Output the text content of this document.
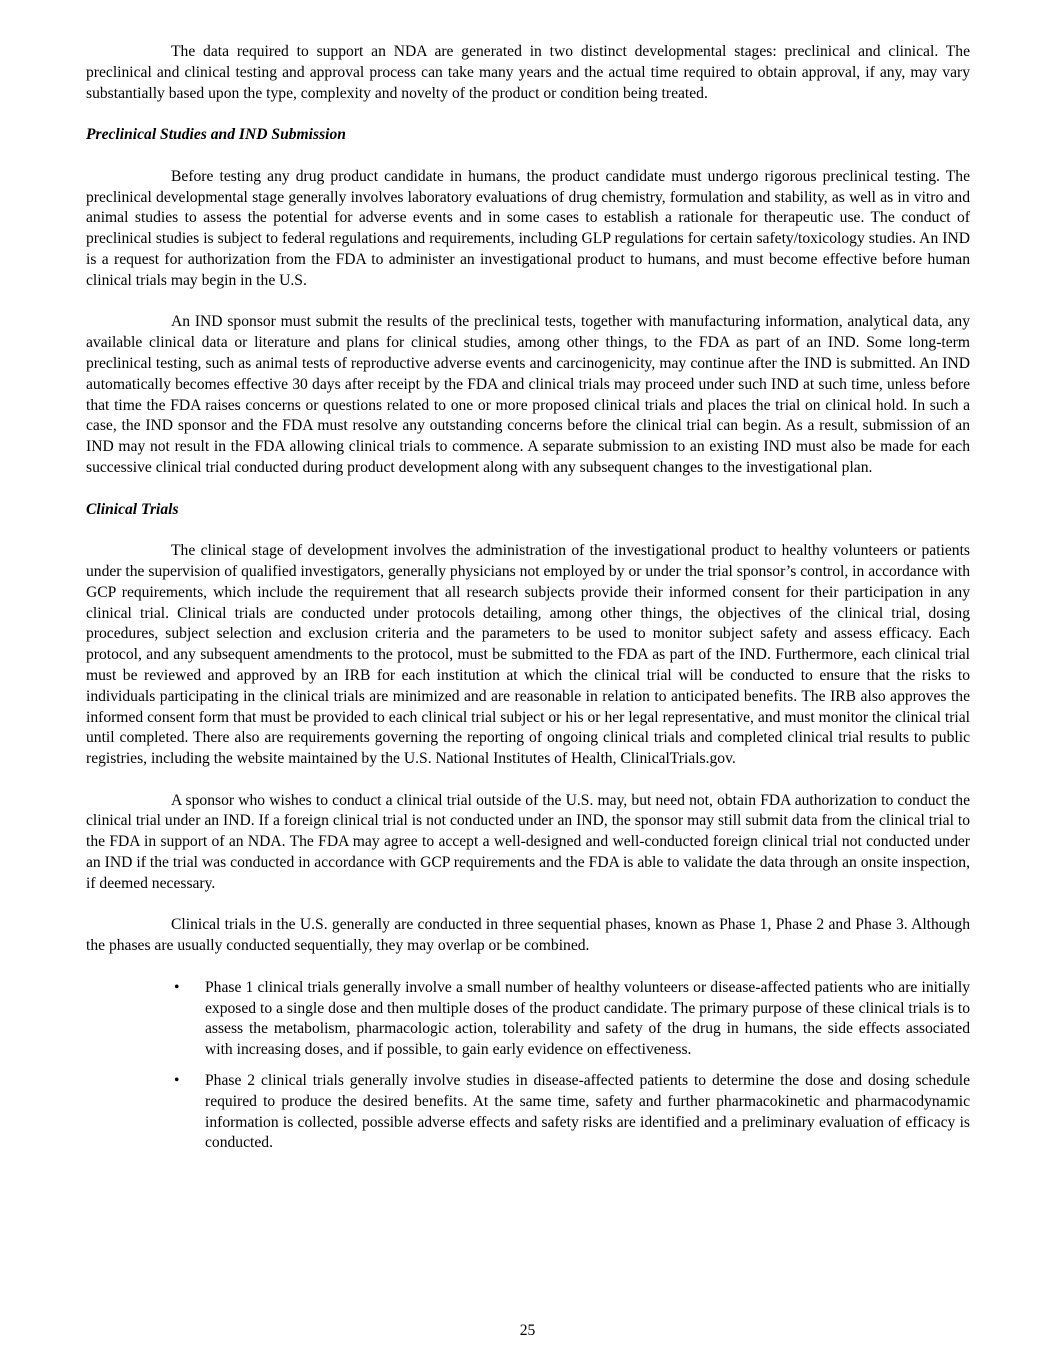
The data required to support an NDA are generated in two distinct developmental stages: preclinical and clinical. The preclinical and clinical testing and approval process can take many years and the actual time required to obtain approval, if any, may vary substantially based upon the type, complexity and novelty of the product or condition being treated.

Preclinical Studies and IND Submission

Before testing any drug product candidate in humans, the product candidate must undergo rigorous preclinical testing. The preclinical developmental stage generally involves laboratory evaluations of drug chemistry, formulation and stability, as well as in vitro and animal studies to assess the potential for adverse events and in some cases to establish a rationale for therapeutic use. The conduct of preclinical studies is subject to federal regulations and requirements, including GLP regulations for certain safety/toxicology studies. An IND is a request for authorization from the FDA to administer an investigational product to humans, and must become effective before human clinical trials may begin in the U.S.

An IND sponsor must submit the results of the preclinical tests, together with manufacturing information, analytical data, any available clinical data or literature and plans for clinical studies, among other things, to the FDA as part of an IND. Some long-term preclinical testing, such as animal tests of reproductive adverse events and carcinogenicity, may continue after the IND is submitted. An IND automatically becomes effective 30 days after receipt by the FDA and clinical trials may proceed under such IND at such time, unless before that time the FDA raises concerns or questions related to one or more proposed clinical trials and places the trial on clinical hold. In such a case, the IND sponsor and the FDA must resolve any outstanding concerns before the clinical trial can begin. As a result, submission of an IND may not result in the FDA allowing clinical trials to commence. A separate submission to an existing IND must also be made for each successive clinical trial conducted during product development along with any subsequent changes to the investigational plan.

Clinical Trials

The clinical stage of development involves the administration of the investigational product to healthy volunteers or patients under the supervision of qualified investigators, generally physicians not employed by or under the trial sponsor’s control, in accordance with GCP requirements, which include the requirement that all research subjects provide their informed consent for their participation in any clinical trial. Clinical trials are conducted under protocols detailing, among other things, the objectives of the clinical trial, dosing procedures, subject selection and exclusion criteria and the parameters to be used to monitor subject safety and assess efficacy. Each protocol, and any subsequent amendments to the protocol, must be submitted to the FDA as part of the IND. Furthermore, each clinical trial must be reviewed and approved by an IRB for each institution at which the clinical trial will be conducted to ensure that the risks to individuals participating in the clinical trials are minimized and are reasonable in relation to anticipated benefits. The IRB also approves the informed consent form that must be provided to each clinical trial subject or his or her legal representative, and must monitor the clinical trial until completed. There also are requirements governing the reporting of ongoing clinical trials and completed clinical trial results to public registries, including the website maintained by the U.S. National Institutes of Health, ClinicalTrials.gov.

A sponsor who wishes to conduct a clinical trial outside of the U.S. may, but need not, obtain FDA authorization to conduct the clinical trial under an IND. If a foreign clinical trial is not conducted under an IND, the sponsor may still submit data from the clinical trial to the FDA in support of an NDA. The FDA may agree to accept a well-designed and well-conducted foreign clinical trial not conducted under an IND if the trial was conducted in accordance with GCP requirements and the FDA is able to validate the data through an onsite inspection, if deemed necessary.

Clinical trials in the U.S. generally are conducted in three sequential phases, known as Phase 1, Phase 2 and Phase 3. Although the phases are usually conducted sequentially, they may overlap or be combined.

• Phase 1 clinical trials generally involve a small number of healthy volunteers or disease-affected patients who are initially exposed to a single dose and then multiple doses of the product candidate. The primary purpose of these clinical trials is to assess the metabolism, pharmacologic action, tolerability and safety of the drug in humans, the side effects associated with increasing doses, and if possible, to gain early evidence on effectiveness.
• Phase 2 clinical trials generally involve studies in disease-affected patients to determine the dose and dosing schedule required to produce the desired benefits. At the same time, safety and further pharmacokinetic and pharmacodynamic information is collected, possible adverse effects and safety risks are identified and a preliminary evaluation of efficacy is conducted.
25
